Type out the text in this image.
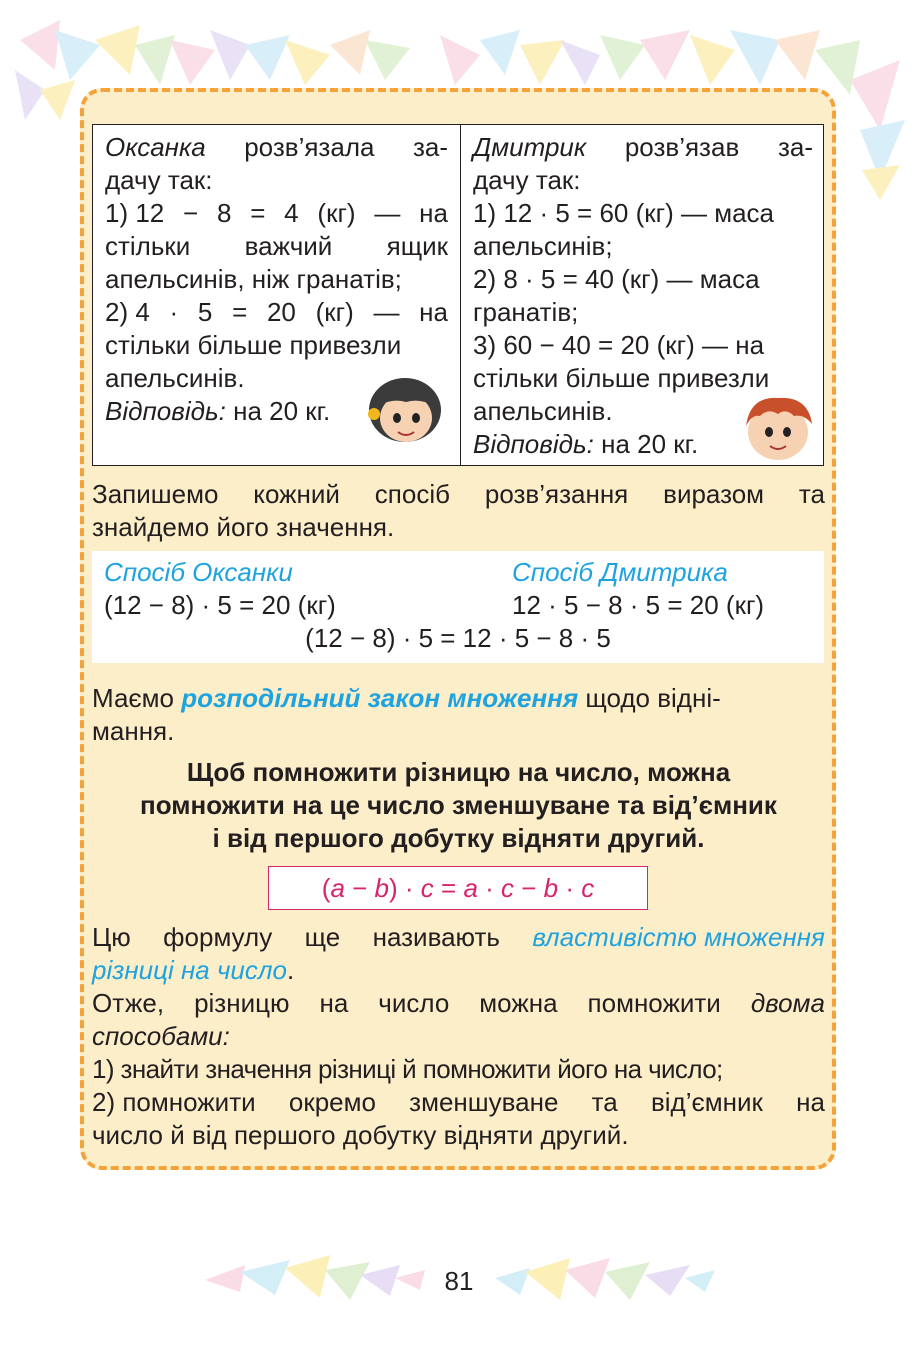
Оксанка розв’язала за-
дачу так:
1) 12 − 8 = 4 (кг) — на
стільки важчий ящик
апельсинів, ніж гранатів;
2) 4 · 5 = 20 (кг) — на
стільки більше привезли
апельсинів.
Відповідь: на 20 кг.
Дмитрик розв’язав за-
дачу так:
1) 12 · 5 = 60 (кг) — маса
апельсинів;
2) 8 · 5 = 40 (кг) — маса
гранатів;
3) 60 − 40 = 20 (кг) — на
стільки більше привезли
апельсинів.
Відповідь: на 20 кг.
Запишемо кожний спосіб розв’язання виразом та
знайдемо його значення.
Спосіб Оксанки
(12 − 8) · 5 = 20 (кг)
Спосіб Дмитрика
12 · 5 − 8 · 5 = 20 (кг)
(12 − 8) · 5 = 12 · 5 − 8 · 5
Маємо розподільний закон множення щодо відні-
мання.
Щоб помножити різницю на число, можна
помножити на це число зменшуване та від’ємник
і від першого добутку відняти другий.
(a − b) · c = a · c − b · c
Цю формулу ще називають властивістю множення
різниці на число.
Отже, різницю на число можна помножити двома
способами:
1) знайти значення різниці й помножити його на число;
2) помножити окремо зменшуване та від’ємник на
число й від першого добутку відняти другий.
81
